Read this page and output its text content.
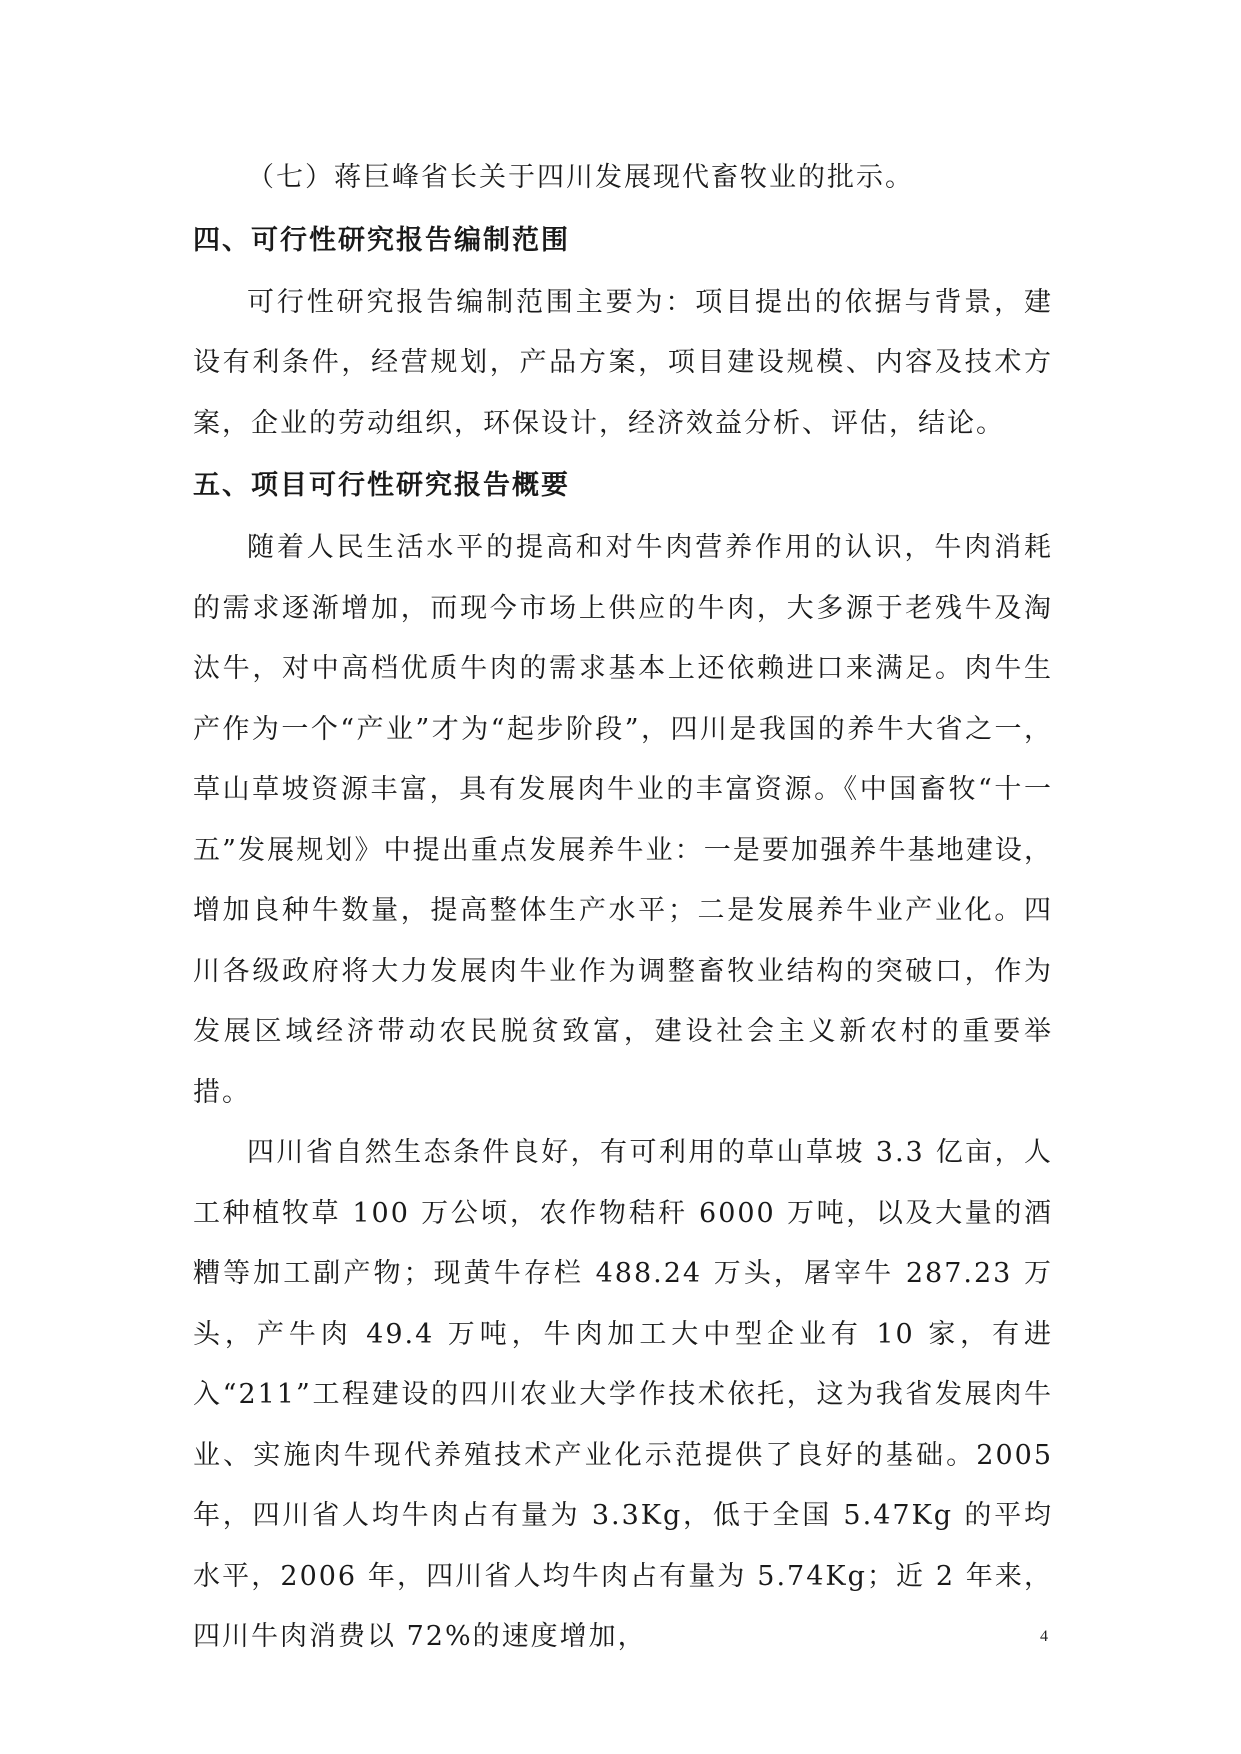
（七）蒋巨峰省长关于四川发展现代畜牧业的批示。

四、可行性研究报告编制范围

可行性研究报告编制范围主要为：项目提出的依据与背景，建设有利条件，经营规划，产品方案，项目建设规模、内容及技术方案，企业的劳动组织，环保设计，经济效益分析、评估，结论。

五、项目可行性研究报告概要

随着人民生活水平的提高和对牛肉营养作用的认识，牛肉消耗的需求逐渐增加，而现今市场上供应的牛肉，大多源于老残牛及淘汰牛，对中高档优质牛肉的需求基本上还依赖进口来满足。肉牛生产作为一个“产业”才为“起步阶段”，四川是我国的养牛大省之一，草山草坡资源丰富，具有发展肉牛业的丰富资源。《中国畜牧“十一五”发展规划》中提出重点发展养牛业：一是要加强养牛基地建设，增加良种牛数量，提高整体生产水平；二是发展养牛业产业化。四川各级政府将大力发展肉牛业作为调整畜牧业结构的突破口，作为发展区域经济带动农民脱贫致富，建设社会主义新农村的重要举措。

四川省自然生态条件良好，有可利用的草山草坡 3.3 亿亩，人工种植牧草 100 万公顷，农作物秸秆 6000 万吨，以及大量的酒糟等加工副产物；现黄牛存栏 488.24 万头，屠宰牛 287.23 万头，产牛肉 49.4 万吨，牛肉加工大中型企业有 10 家，有进入“211”工程建设的四川农业大学作技术依托，这为我省发展肉牛业、实施肉牛现代养殖技术产业化示范提供了良好的基础。2005 年，四川省人均牛肉占有量为 3.3Kg，低于全国 5.47Kg 的平均水平，2006 年，四川省人均牛肉占有量为 5.74Kg；近 2 年来，四川牛肉消费以 72%的速度增加，	4
